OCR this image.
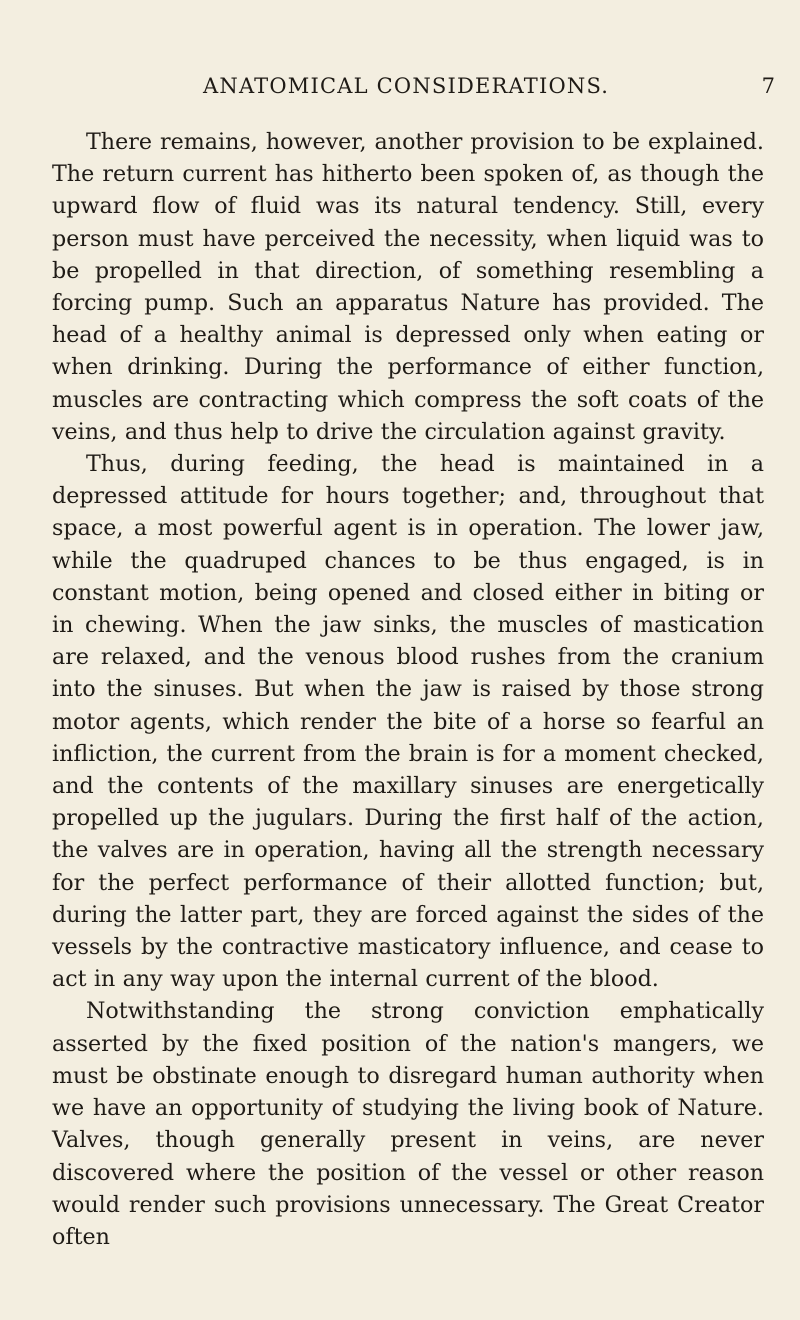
ANATOMICAL CONSIDERATIONS.	7

There remains, however, another provision to be explained. The return current has hitherto been spoken of, as though the upward flow of fluid was its natural tendency. Still, every person must have perceived the necessity, when liquid was to be propelled in that direction, of something resembling a forcing pump. Such an apparatus Nature has provided. The head of a healthy animal is depressed only when eating or when drinking. During the performance of either function, muscles are contracting which compress the soft coats of the veins, and thus help to drive the circulation against gravity.

Thus, during feeding, the head is maintained in a depressed attitude for hours together; and, throughout that space, a most powerful agent is in operation. The lower jaw, while the quadruped chances to be thus engaged, is in constant motion, being opened and closed either in biting or in chewing. When the jaw sinks, the muscles of mastication are relaxed, and the venous blood rushes from the cranium into the sinuses. But when the jaw is raised by those strong motor agents, which render the bite of a horse so fearful an infliction, the current from the brain is for a moment checked, and the contents of the maxillary sinuses are energetically propelled up the jugulars. During the first half of the action, the valves are in operation, having all the strength necessary for the perfect performance of their allotted function; but, during the latter part, they are forced against the sides of the vessels by the contractive masticatory influence, and cease to act in any way upon the internal current of the blood.

Notwithstanding the strong conviction emphatically asserted by the fixed position of the nation's mangers, we must be obstinate enough to disregard human authority when we have an opportunity of studying the living book of Nature. Valves, though generally present in veins, are never discovered where the position of the vessel or other reason would render such provisions unnecessary. The Great Creator often
